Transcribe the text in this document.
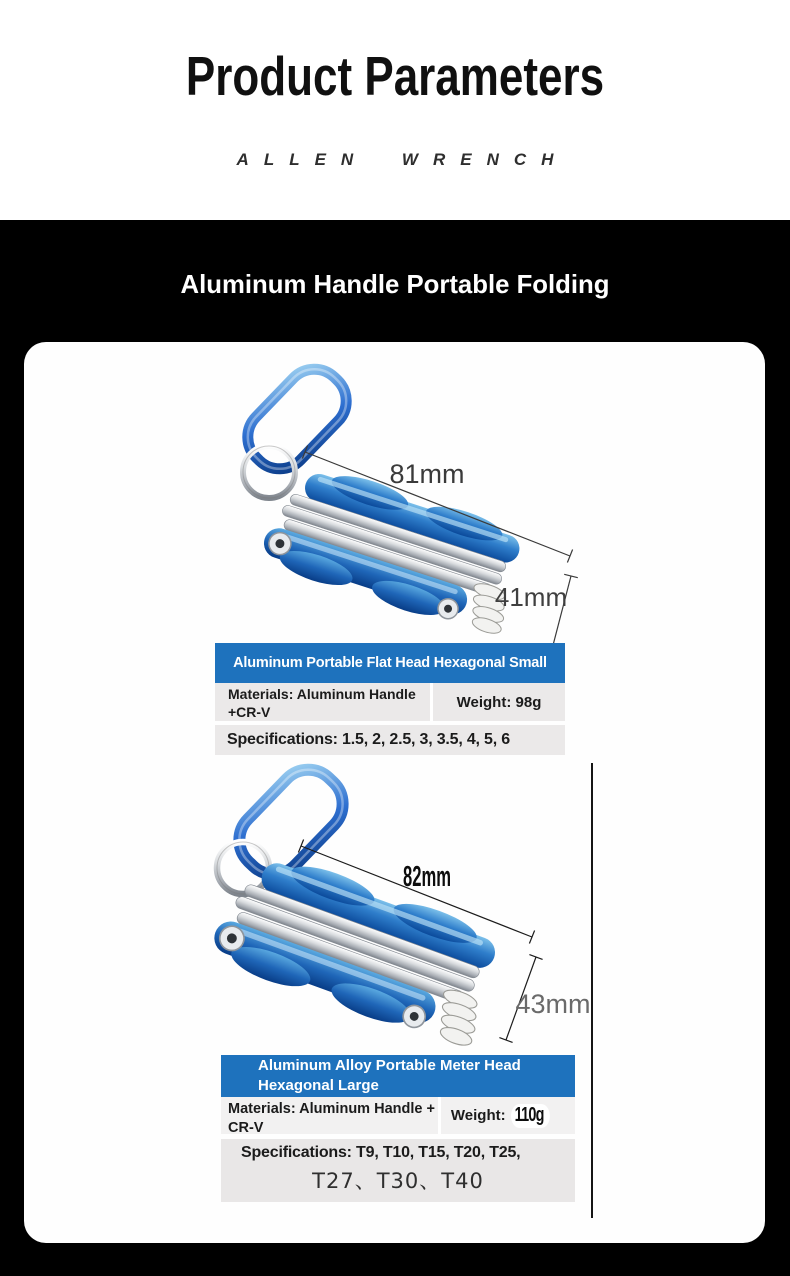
Product Parameters
ALLEN WRENCH
Aluminum Handle Portable Folding
81mm
41mm
Aluminum Portable Flat Head Hexagonal Small
Materials: Aluminum Handle +CR-V
Weight: 98g
Specifications: 1.5, 2, 2.5, 3, 3.5, 4, 5, 6
82mm
43mm
Aluminum Alloy Portable Meter Head
Hexagonal Large
Materials: Aluminum Handle + CR-V
Weight: 110g
Specifications: T9, T10, T15, T20, T25,
T27、T30、T40
